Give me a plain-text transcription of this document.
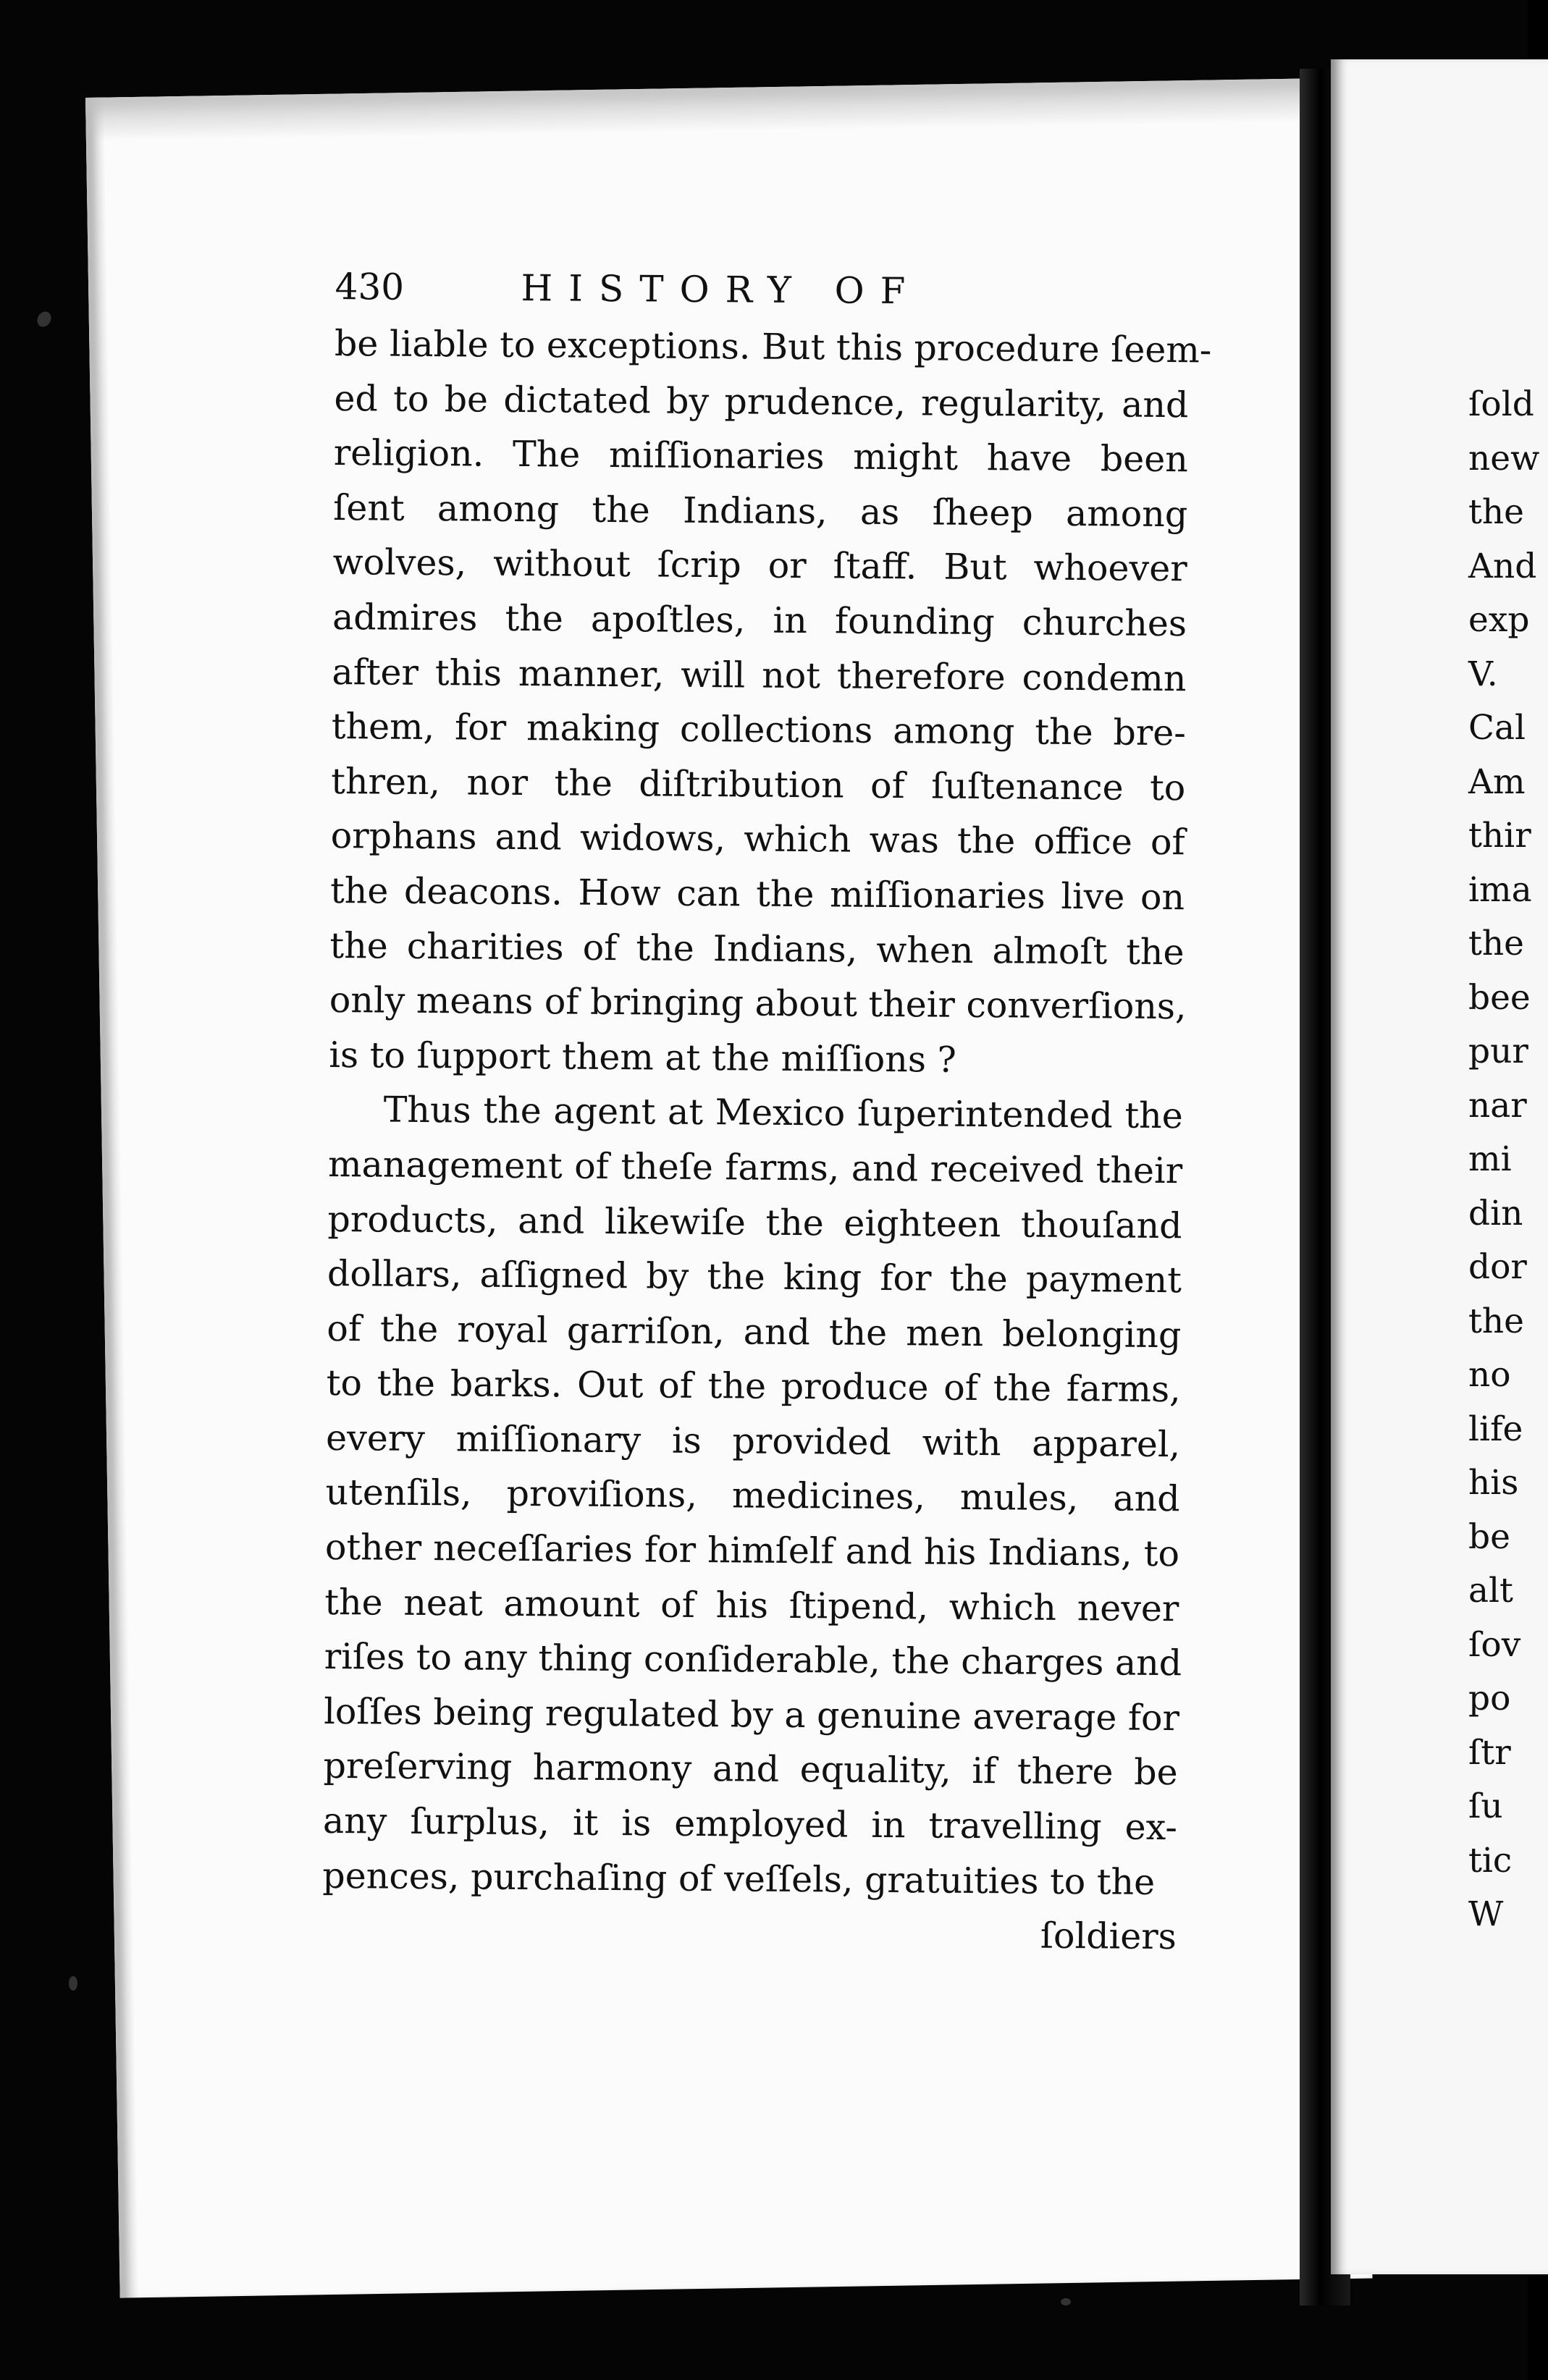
ſold
new
the
And
exp
V.
Cal
Am
thir
ima
the
bee
pur
nar
mi
din
dor
the
no
life
his
be
alt
ſov
po
ſtr
ſu
tic
W
430	HISTORY OF
be liable to exceptions. But this procedure ſeem-
ed to be dictated by prudence, regularity, and
religion. The miſſionaries might have been
ſent among the Indians, as ſheep among
wolves, without ſcrip or ſtaff. But whoever
admires the apoſtles, in founding churches
after this manner, will not therefore condemn
them, for making collections among the bre-
thren, nor the diſtribution of ſuſtenance to
orphans and widows, which was the office of
the deacons. How can the miſſionaries live on
the charities of the Indians, when almoſt the
only means of bringing about their converſions,
is to ſupport them at the miſſions ?
Thus the agent at Mexico ſuperintended the
management of theſe farms, and received their
products, and likewiſe the eighteen thouſand
dollars, aſſigned by the king for the payment
of the royal garriſon, and the men belonging
to the barks. Out of the produce of the farms,
every miſſionary is provided with apparel,
utenſils, proviſions, medicines, mules, and
other neceſſaries for himſelf and his Indians, to
the neat amount of his ſtipend, which never
riſes to any thing conſiderable, the charges and
loſſes being regulated by a genuine average for
preſerving harmony and equality, if there be
any ſurplus, it is employed in travelling ex-
pences, purchaſing of veſſels, gratuities to the
ſoldiers
